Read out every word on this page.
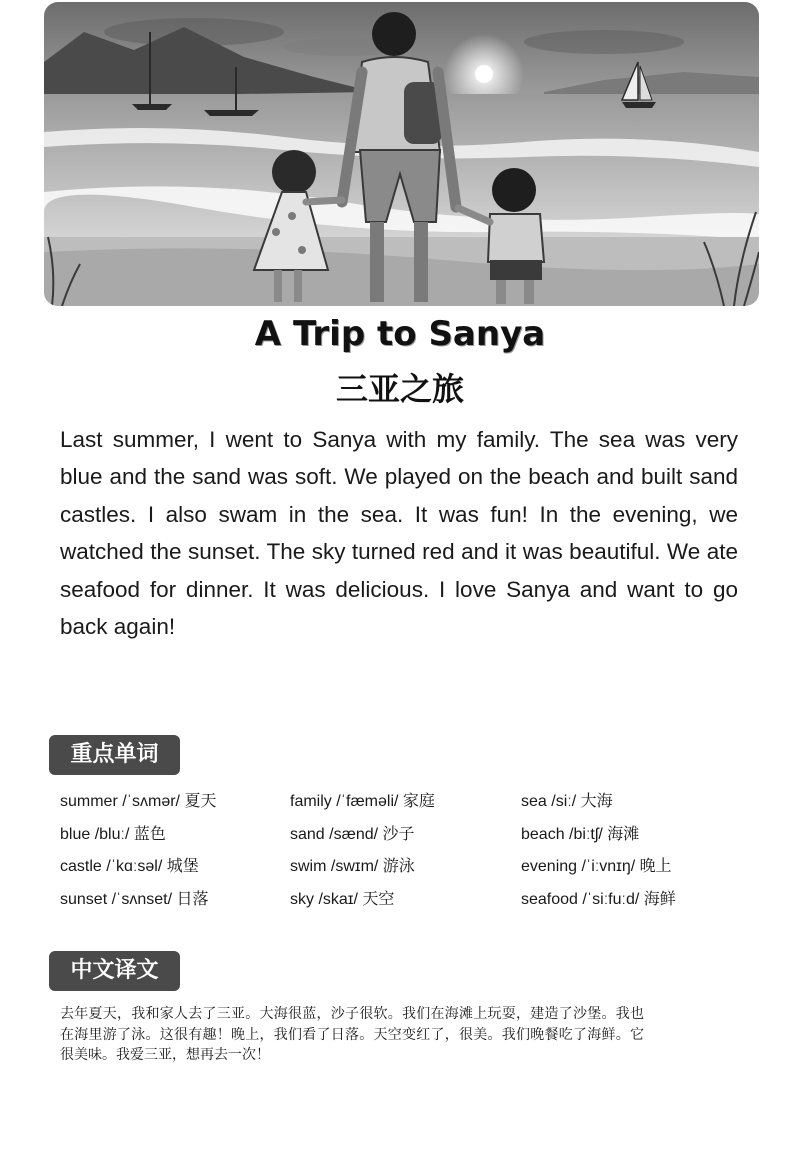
A Trip to Sanya
三亚之旅

Last summer, I went to Sanya with my family. The sea was very blue and the sand was soft. We played on the beach and built sand castles. I also swam in the sea. It was fun! In the evening, we watched the sunset. The sky turned red and it was beautiful. We ate seafood for dinner. It was delicious. I love Sanya and want to go back again!

重点单词
summer /ˈsʌmər/ 夏天	family /ˈfæməli/ 家庭	sea /siː/ 大海
blue /bluː/ 蓝色	sand /sænd/ 沙子	beach /biːtʃ/ 海滩
castle /ˈkɑːsəl/ 城堡	swim /swɪm/ 游泳	evening /ˈiːvnɪŋ/ 晚上
sunset /ˈsʌnset/ 日落	sky /skaɪ/ 天空	seafood /ˈsiːfuːd/ 海鲜
中文译文

去年夏天，我和家人去了三亚。大海很蓝，沙子很软。我们在海滩上玩耍，建造了沙堡。我也在海里游了泳。这很有趣！晚上，我们看了日落。天空变红了，很美。我们晚餐吃了海鲜。它很美味。我爱三亚，想再去一次！
